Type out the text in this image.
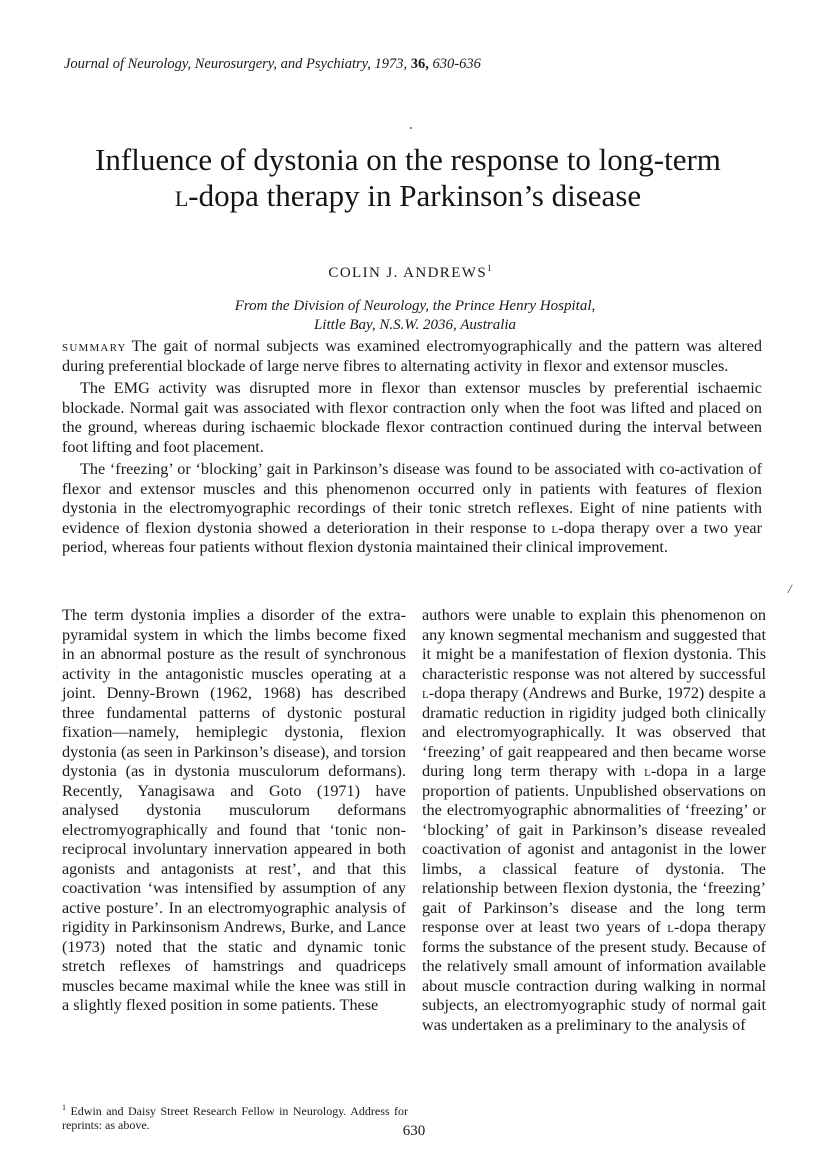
Journal of Neurology, Neurosurgery, and Psychiatry, 1973, 36, 630-636
Influence of dystonia on the response to long-term
l-dopa therapy in Parkinson’s disease
COLIN J. ANDREWS$^1$
From the Division of Neurology, the Prince Henry Hospital,
Little Bay, N.S.W. 2036, Australia

summary The gait of normal subjects was examined electromyographically and the pattern was altered during preferential blockade of large nerve fibres to alternating activity in flexor and extensor muscles.

The EMG activity was disrupted more in flexor than extensor muscles by preferential ischaemic blockade. Normal gait was associated with flexor contraction only when the foot was lifted and placed on the ground, whereas during ischaemic blockade flexor contraction continued during the interval between foot lifting and foot placement.

The ‘freezing’ or ‘blocking’ gait in Parkinson’s disease was found to be associated with co-activation of flexor and extensor muscles and this phenomenon occurred only in patients with features of flexion dystonia in the electromyographic recordings of their tonic stretch reflexes. Eight of nine patients with evidence of flexion dystonia showed a deterioration in their response to l-dopa therapy over a two year period, whereas four patients without flexion dystonia maintained their clinical improvement.

/

The term dystonia implies a disorder of the extra-pyramidal system in which the limbs become fixed in an abnormal posture as the result of synchronous activity in the antagonistic muscles operating at a joint. Denny-Brown (1962, 1968) has described three fundamental patterns of dystonic postural fixation—namely, hemiplegic dystonia, flexion dystonia (as seen in Parkinson’s disease), and torsion dystonia (as in dystonia musculorum deformans). Recently, Yanagisawa and Goto (1971) have analysed dystonia musculorum deformans electromyographically and found that ‘tonic non-reciprocal involuntary innervation appeared in both agonists and antagonists at rest’, and that this coactivation ‘was intensified by assumption of any active posture’. In an electromyographic analysis of rigidity in Parkinsonism Andrews, Burke, and Lance (1973) noted that the static and dynamic tonic stretch reflexes of hamstrings and quadriceps muscles became maximal while the knee was still in a slightly flexed position in some patients. These

authors were unable to explain this phenomenon on any known segmental mechanism and suggested that it might be a manifestation of flexion dystonia. This characteristic response was not altered by successful l-dopa therapy (Andrews and Burke, 1972) despite a dramatic reduction in rigidity judged both clinically and electromyographically. It was observed that ‘freezing’ of gait reappeared and then became worse during long term therapy with l-dopa in a large proportion of patients. Unpublished observations on the electromyographic abnormalities of ‘freezing’ or ‘blocking’ of gait in Parkinson’s disease revealed coactivation of agonist and antagonist in the lower limbs, a classical feature of dystonia. The relationship between flexion dystonia, the ‘freezing’ gait of Parkinson’s disease and the long term response over at least two years of l-dopa therapy forms the substance of the present study. Because of the relatively small amount of information available about muscle contraction during walking in normal subjects, an electromyographic study of normal gait was undertaken as a preliminary to the analysis of

$^1$ Edwin and Daisy Street Research Fellow in Neurology. Address for reprints: as above.	630
